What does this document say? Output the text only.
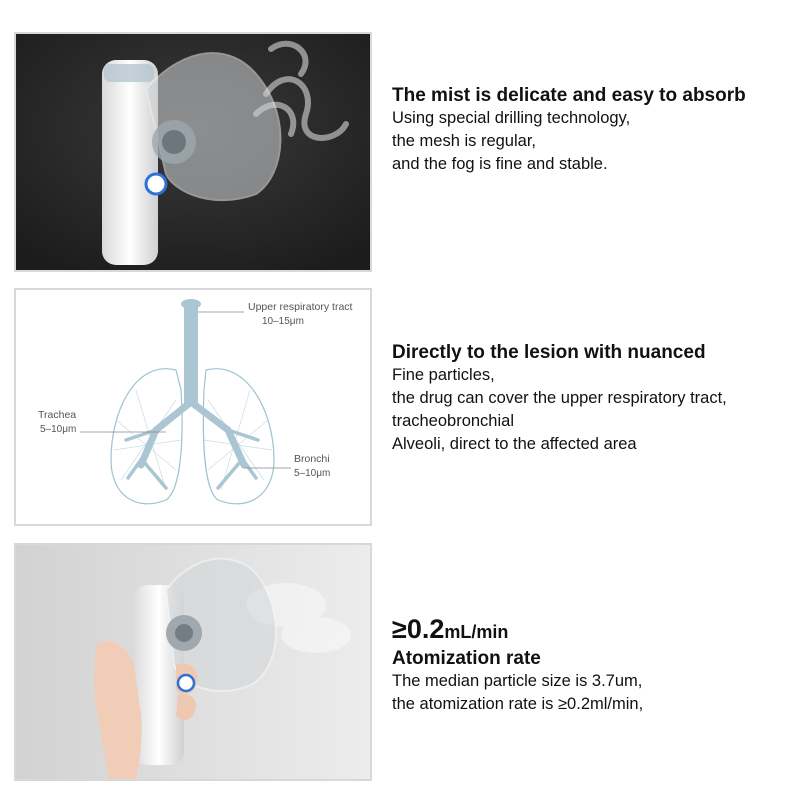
The mist is delicate and easy to absorb
Using special drilling technology,
the mesh is regular,
and the fog is fine and stable.
Upper respiratory tract
10–15μm
Trachea
5–10μm
Bronchi
5–10μm
Directly to the lesion with nuanced
Fine particles,
the drug can cover the upper respiratory tract,
tracheobronchial
Alveoli, direct to the affected area
≥0.2mL/min
Atomization rate
The median particle size is 3.7um,
the atomization rate is ≥0.2ml/min,
